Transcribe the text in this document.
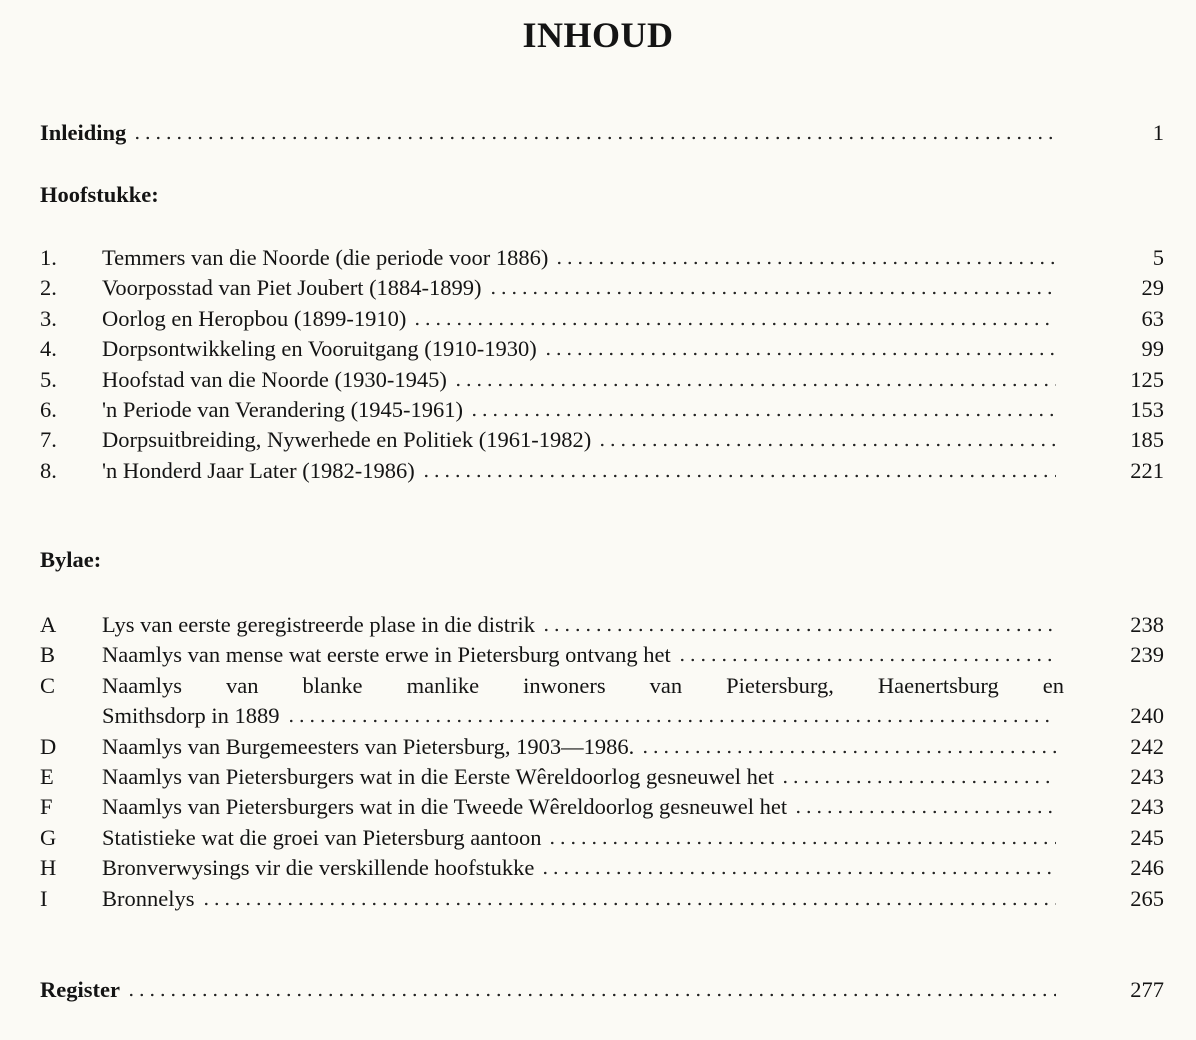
INHOUD
Inleiding	1
Hoofstukke:
1.	Temmers van die Noorde (die periode voor 1886)	5
2.	Voorposstad van Piet Joubert (1884-1899)	29
3.	Oorlog en Heropbou (1899-1910)	63
4.	Dorpsontwikkeling en Vooruitgang (1910-1930)	99
5.	Hoofstad van die Noorde (1930-1945)	125
6.	'n Periode van Verandering (1945-1961)	153
7.	Dorpsuitbreiding, Nywerhede en Politiek (1961-1982)	185
8.	'n Honderd Jaar Later (1982-1986)	221
Bylae:
A	Lys van eerste geregistreerde plase in die distrik	238
B	Naamlys van mense wat eerste erwe in Pietersburg ontvang het	239
C	Naamlys van blanke manlike inwoners van Pietersburg, Haenertsburg en
Smithsdorp in 1889	240
D	Naamlys van Burgemeesters van Pietersburg, 1903—1986.	242
E	Naamlys van Pietersburgers wat in die Eerste Wêreldoorlog gesneuwel het	243
F	Naamlys van Pietersburgers wat in die Tweede Wêreldoorlog gesneuwel het	243
G	Statistieke wat die groei van Pietersburg aantoon	245
H	Bronverwysings vir die verskillende hoofstukke	246
I	Bronnelys	265
Register	277
